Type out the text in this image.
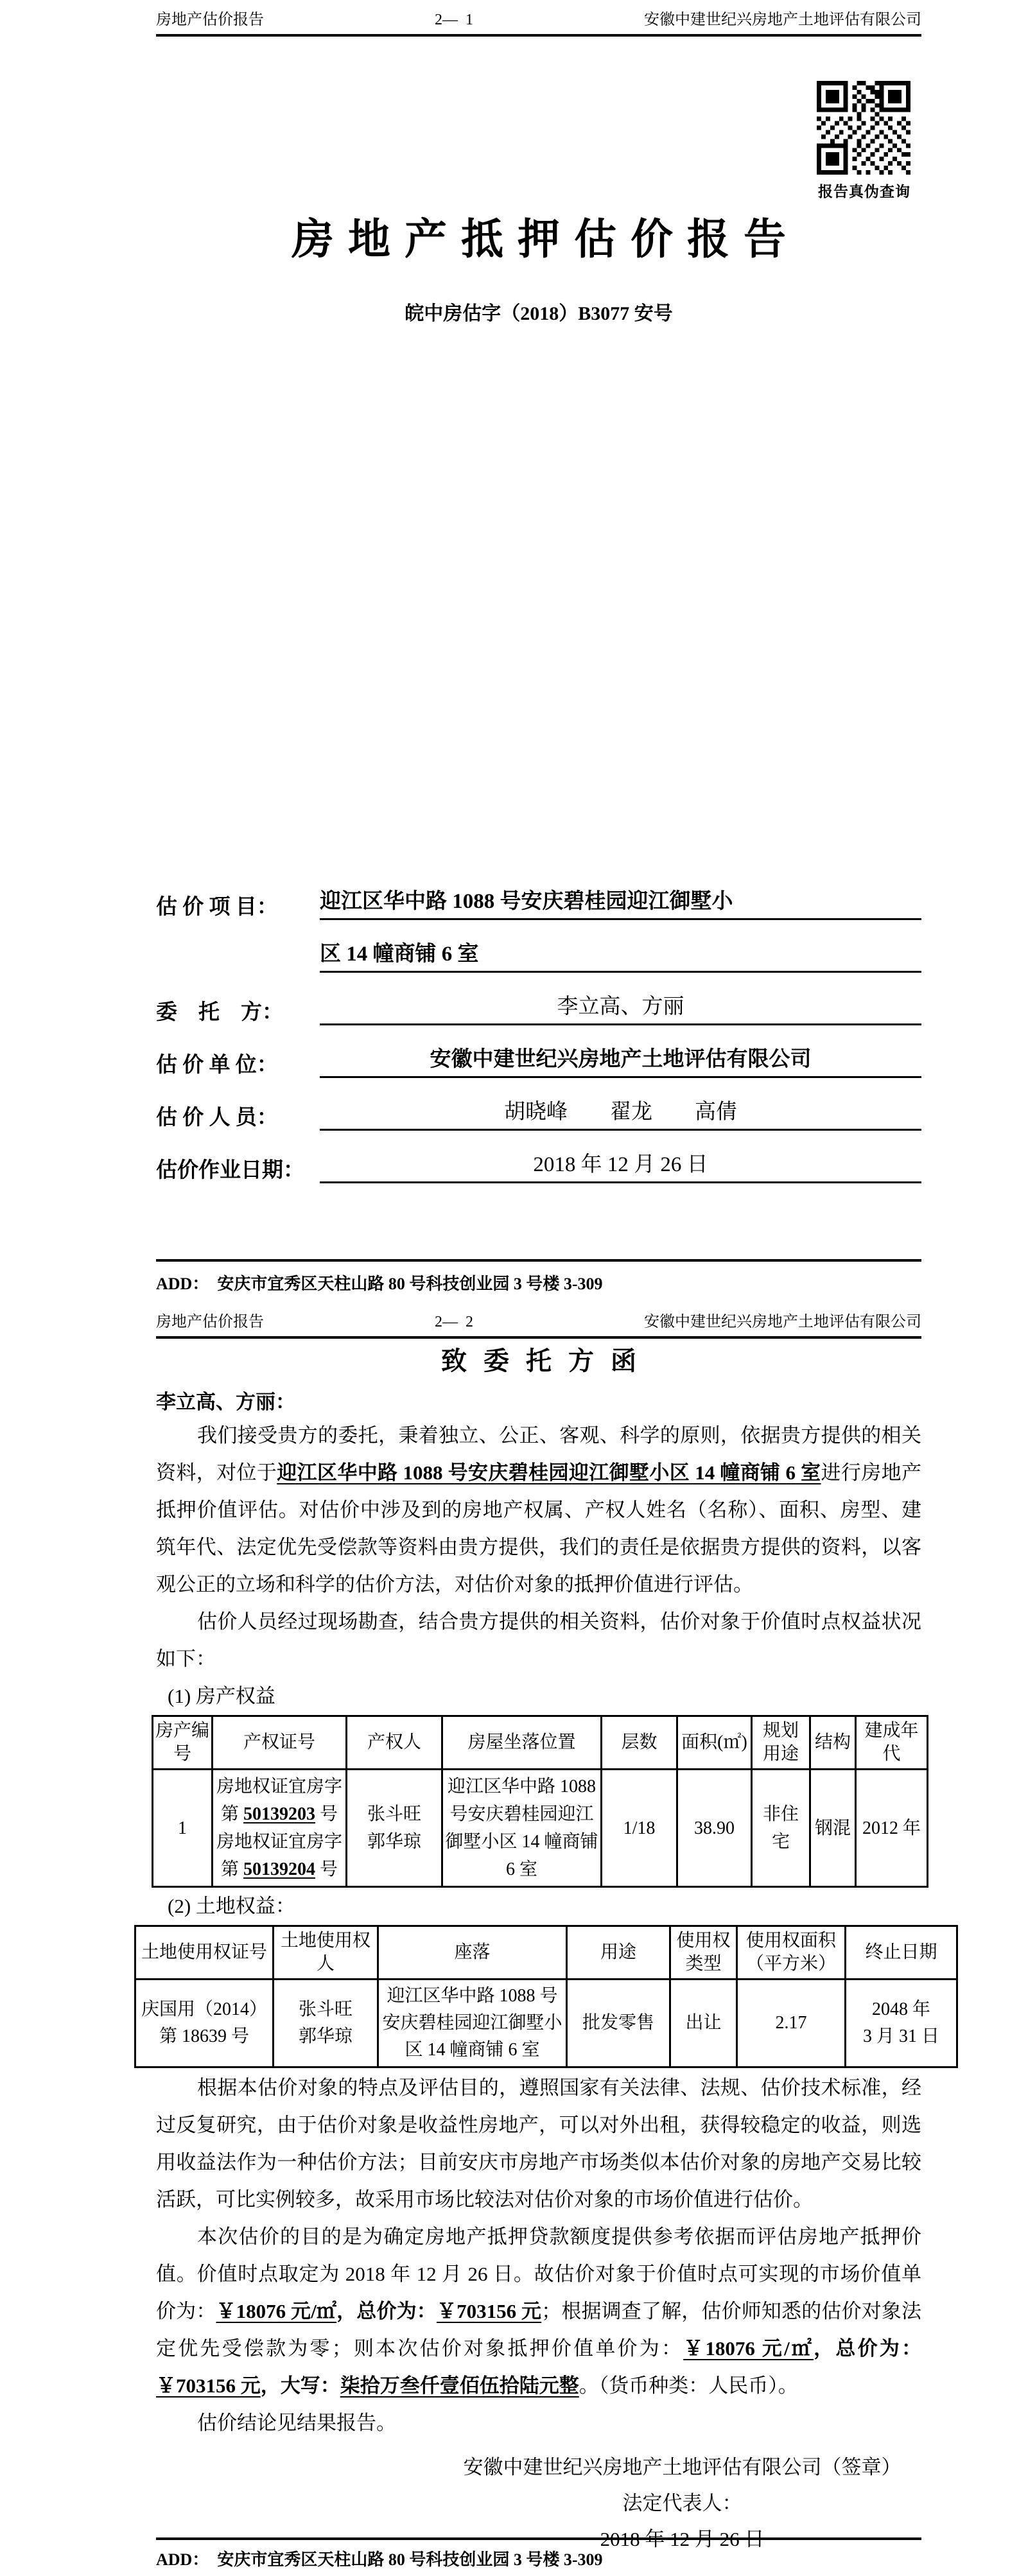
房地产估价报告	2—  1	安徽中建世纪兴房地产土地评估有限公司
报告真伪查询
房地产抵押估价报告
皖中房估字（2018）B3077 安号
估 价 项 目：	迎江区华中路 1088 号安庆碧桂园迎江御墅小
区 14 幢商铺 6 室
委　托　方：	李立高、方丽
估 价 单 位：	安徽中建世纪兴房地产土地评估有限公司
估 价 人 员：	胡晓峰　　翟龙　　高倩
估价作业日期：	2018 年 12 月 26 日
ADD：  安庆市宜秀区天柱山路 80 号科技创业园 3 号楼 3-309
房地产估价报告	2—  2	安徽中建世纪兴房地产土地评估有限公司
致委托方函
李立高、方丽：

我们接受贵方的委托，秉着独立、公正、客观、科学的原则，依据贵方提供的相关资料，对位于迎江区华中路 1088 号安庆碧桂园迎江御墅小区 14 幢商铺 6 室进行房地产抵押价值评估。对估价中涉及到的房地产权属、产权人姓名（名称）、面积、房型、建筑年代、法定优先受偿款等资料由贵方提供，我们的责任是依据贵方提供的资料，以客观公正的立场和科学的估价方法，对估价对象的抵押价值进行评估。

估价人员经过现场勘查，结合贵方提供的相关资料，估价对象于价值时点权益状况如下：

(1) 房产权益
房产编号	产权证号	产权人	房屋坐落位置	层数	面积(㎡)	规划用途	结构	建成年代
1	房地权证宜房字
第 50139203 号
房地权证宜房字
第 50139204 号	张斗旺
郭华琼	迎江区华中路 1088 号安庆碧桂园迎江御墅小区 14 幢商铺 6 室	1/18	38.90	非住宅	钢混	2012 年
(2) 土地权益：
土地使用权证号	土地使用权人	座落	用途	使用权类型	使用权面积（平方米）	终止日期
庆国用（2014）
第 18639 号	张斗旺
郭华琼	迎江区华中路 1088 号安庆碧桂园迎江御墅小区 14 幢商铺 6 室	批发零售	出让	2.17	2048 年
3 月 31 日

根据本估价对象的特点及评估目的，遵照国家有关法律、法规、估价技术标准，经过反复研究，由于估价对象是收益性房地产，可以对外出租，获得较稳定的收益，则选用收益法作为一种估价方法；目前安庆市房地产市场类似本估价对象的房地产交易比较活跃，可比实例较多，故采用市场比较法对估价对象的市场价值进行估价。

本次估价的目的是为确定房地产抵押贷款额度提供参考依据而评估房地产抵押价值。价值时点取定为 2018 年 12 月 26 日。故估价对象于价值时点可实现的市场价值单价为：￥18076 元/㎡，总价为：￥703156 元；根据调查了解，估价师知悉的估价对象法定优先受偿款为零；则本次估价对象抵押价值单价为：￥18076 元/㎡，总价为：￥703156 元，大写：柒拾万叁仟壹佰伍拾陆元整。（货币种类：人民币）。

估价结论见结果报告。

安徽中建世纪兴房地产土地评估有限公司（签章）
法定代表人：
2018 年 12 月 26 日
ADD：  安庆市宜秀区天柱山路 80 号科技创业园 3 号楼 3-309
